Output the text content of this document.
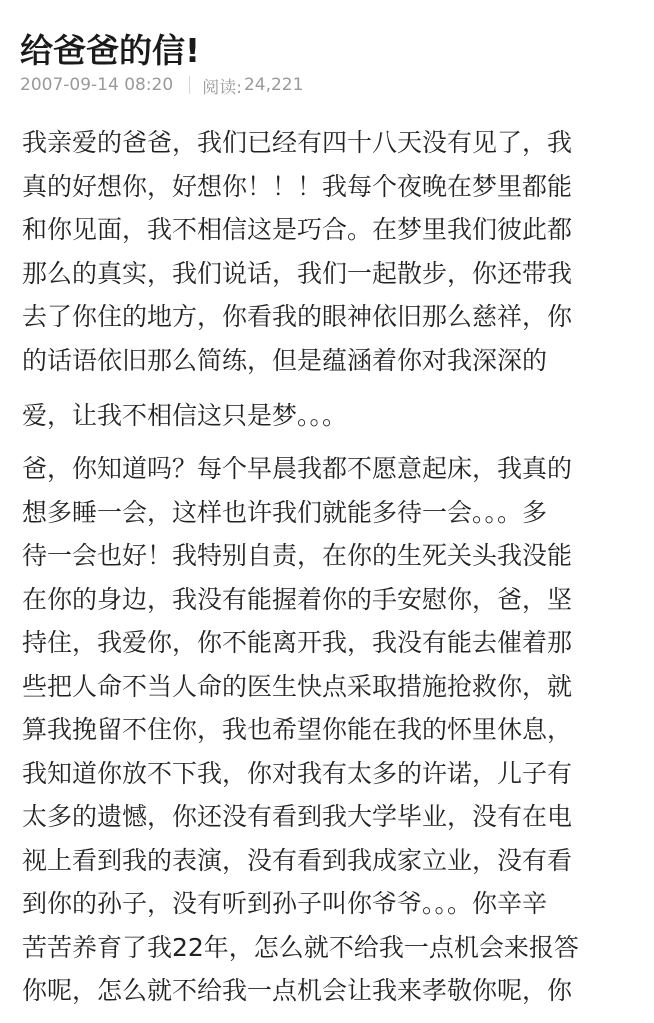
给爸爸的信!
2007-09-14 08:20 阅读: 24,221
我亲爱的爸爸，我们已经有四十八天没有见了，我
真的好想你，好想你！！！我每个夜晚在梦里都能
和你见面，我不相信这是巧合。在梦里我们彼此都
那么的真实，我们说话，我们一起散步，你还带我
去了你住的地方，你看我的眼神依旧那么慈祥，你
的话语依旧那么简练，但是蕴涵着你对我深深的
爱，让我不相信这只是梦。。。
爸，你知道吗？每个早晨我都不愿意起床，我真的
想多睡一会，这样也许我们就能多待一会。。。多
待一会也好！我特别自责，在你的生死关头我没能
在你的身边，我没有能握着你的手安慰你，爸，坚
持住，我爱你，你不能离开我，我没有能去催着那
些把人命不当人命的医生快点采取措施抢救你，就
算我挽留不住你，我也希望你能在我的怀里休息，
我知道你放不下我，你对我有太多的许诺，儿子有
太多的遗憾，你还没有看到我大学毕业，没有在电
视上看到我的表演，没有看到我成家立业，没有看
到你的孙子，没有听到孙子叫你爷爷。。。你辛辛
苦苦养育了我22年，怎么就不给我一点机会来报答
你呢，怎么就不给我一点机会让我来孝敬你呢，你
